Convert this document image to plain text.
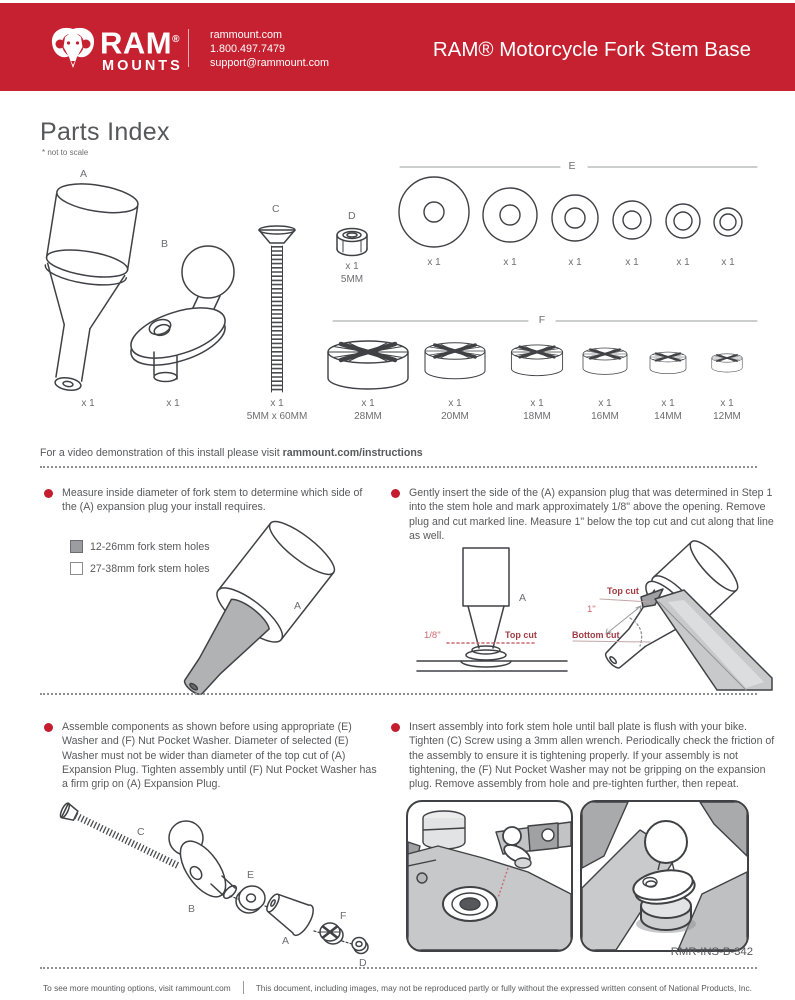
RAM®
MOUNTS
rammount.com
1.800.497.7479
support@rammount.com
RAM® Motorcycle Fork Stem Base
Parts Index
* not to scale
A
B
C
D
E
F
x 1	x 1	x 1
5MM x 60MM
x 1
5MM
x 1	x 1	x 1	x 1	x 1	x 1
x 1
28MM
x 1
20MM
x 1
18MM
x 1
16MM
x 1
14MM
x 1
12MM
For a video demonstration of this install please visit rammount.com/instructions
Measure inside diameter of fork stem to determine which side of the (A) expansion plug your install requires.
12-26mm fork stem holes
27-38mm fork stem holes
A
Gently insert the side of the (A) expansion plug that was determined in Step 1 into the stem hole and mark approximately 1/8" above the opening. Remove plug and cut marked line. Measure 1" below the top cut and cut along that line as well.
1/8"	Top cut
A
Top cut
1"
Bottom cut
Assemble components as shown before using appropriate (E) Washer and (F) Nut Pocket Washer. Diameter of selected (E) Washer must not be wider than diameter of the top cut of (A) Expansion Plug. Tighten assembly until (F) Nut Pocket Washer has a firm grip on (A) Expansion Plug.
C
B
E
A
F
D
Insert assembly into fork stem hole until ball plate is flush with your bike. Tighten (C) Screw using a 3mm allen wrench. Periodically check the friction of the assembly to ensure it is tightening properly. If your assembly is not tightening, the (F) Nut Pocket Washer may not be gripping on the expansion plug. Remove assembly from hole and pre-tighten further, then repeat.
RMR-INS-B-342
To see more mounting options, visit rammount.com	This document, including images, may not be reproduced partly or fully without the expressed written consent of National Products, Inc.
